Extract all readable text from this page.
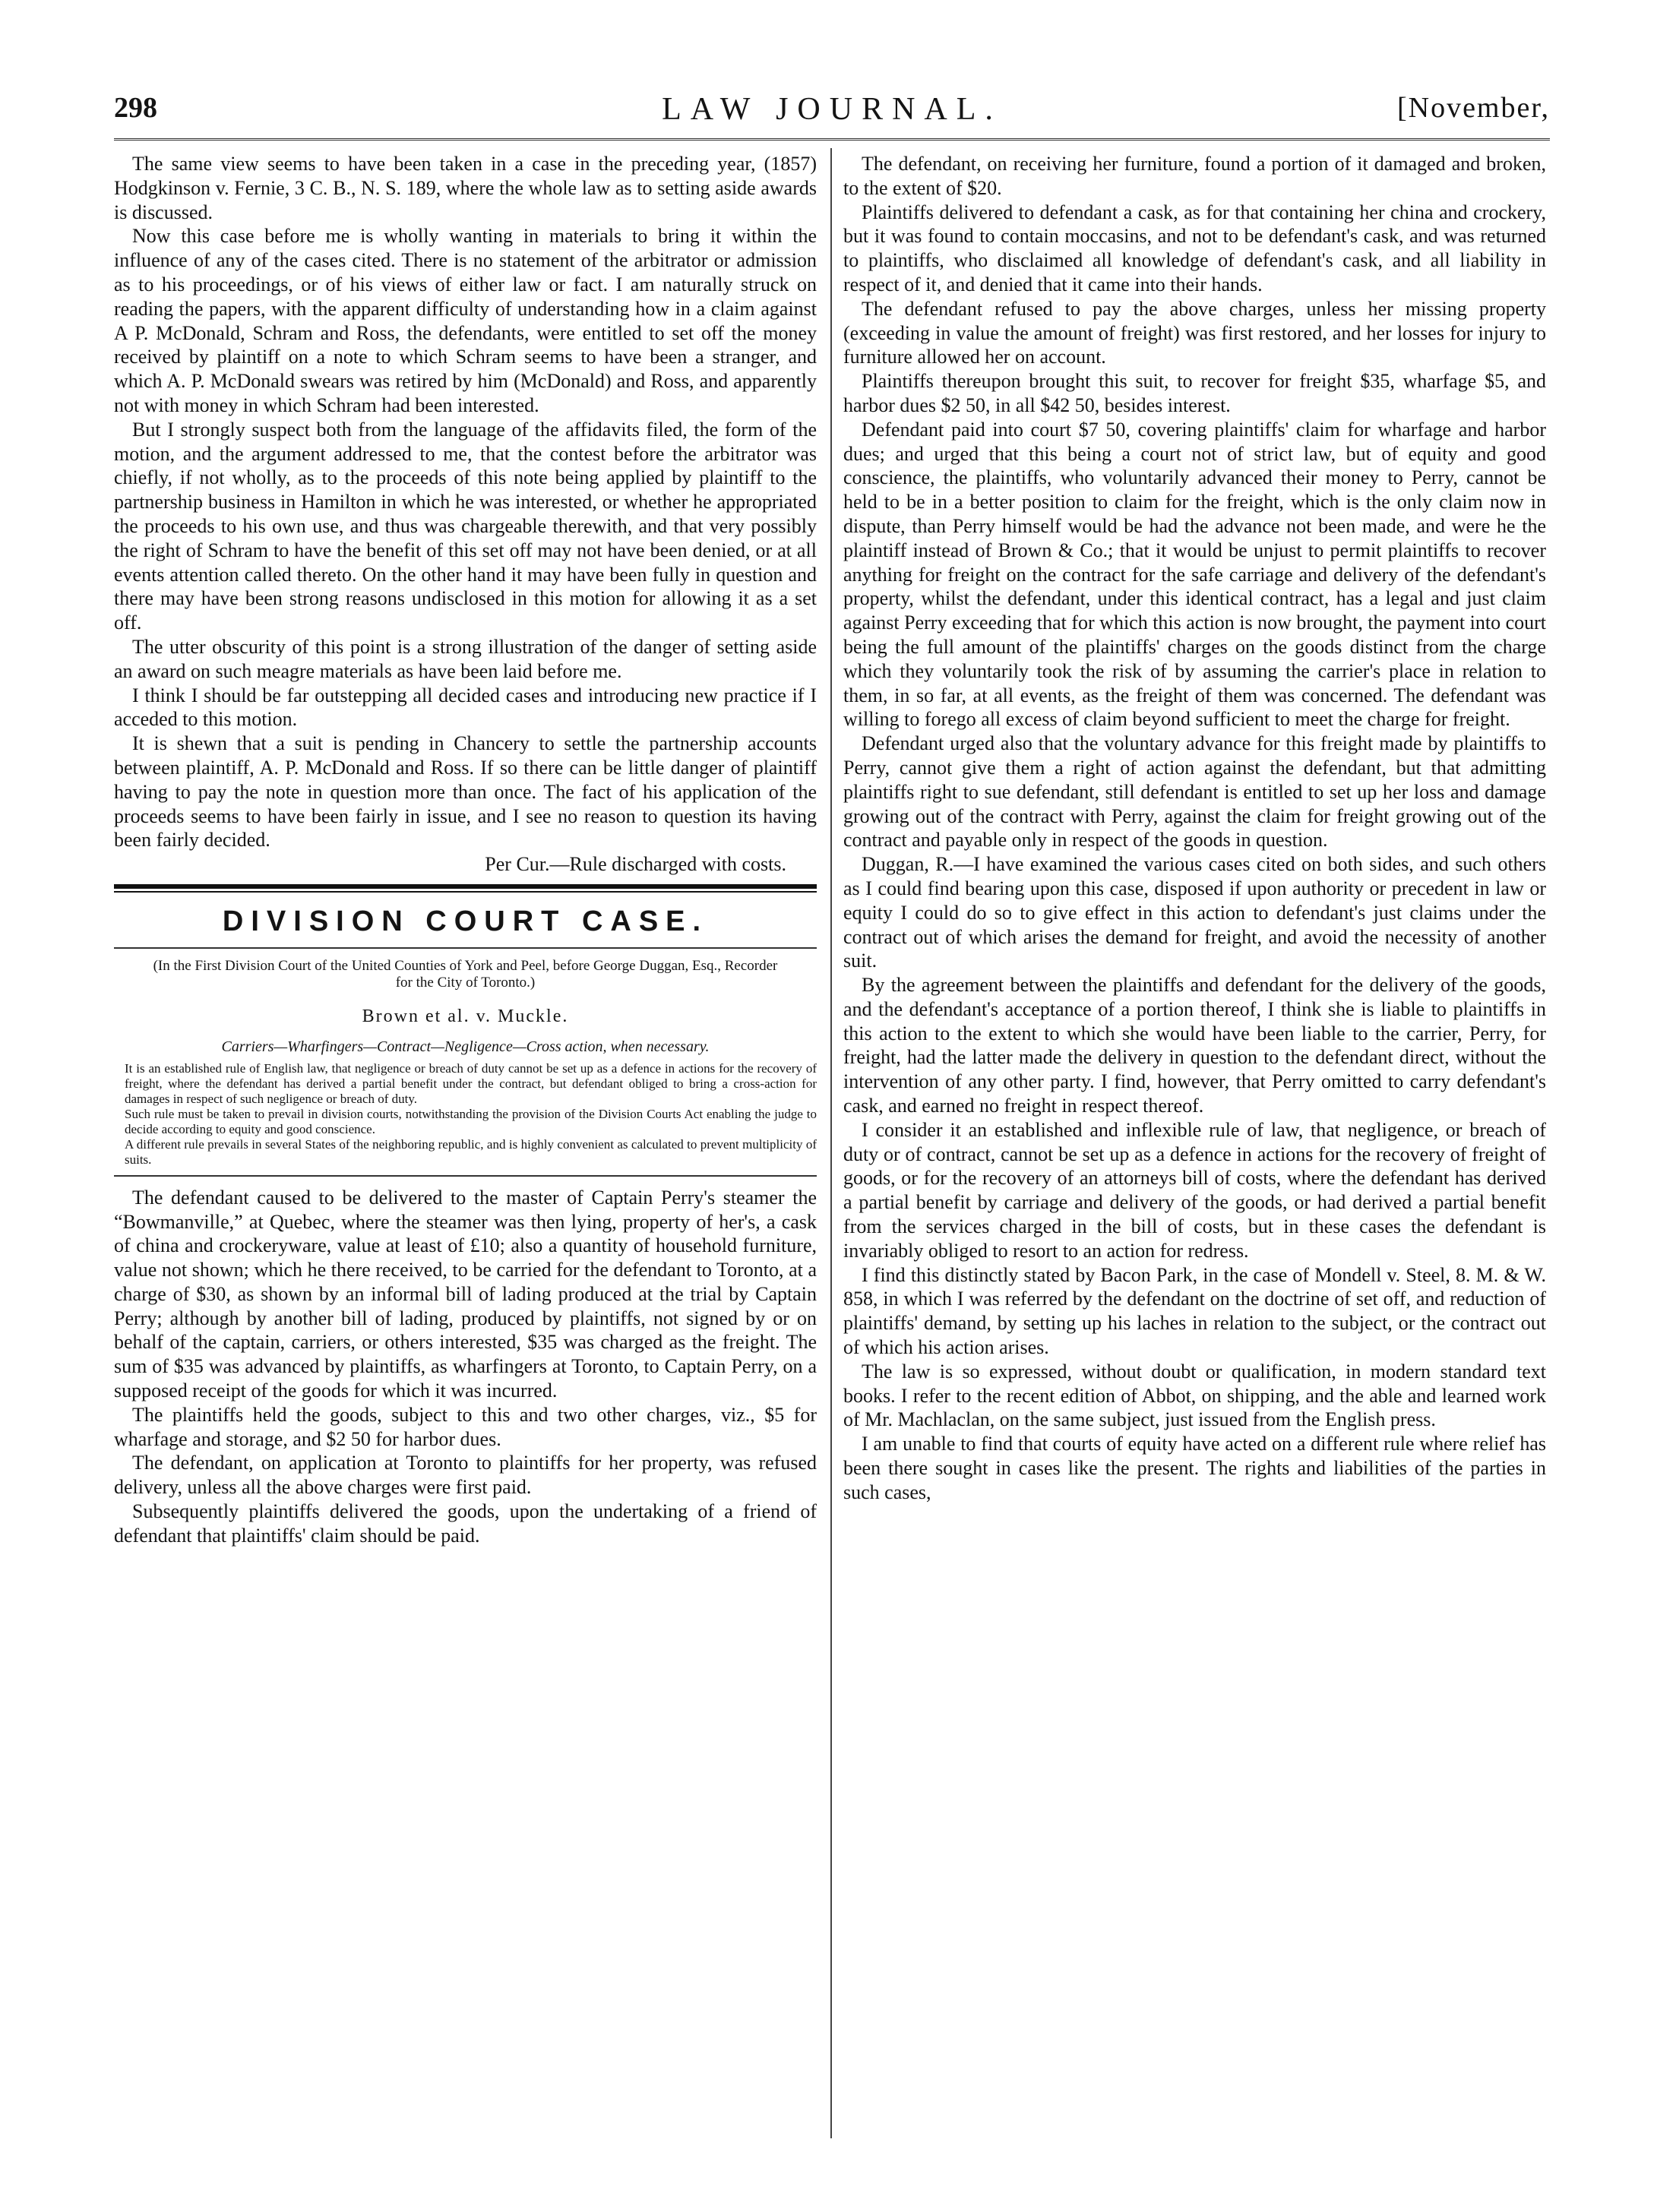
298	LAW JOURNAL.	[November,

The same view seems to have been taken in a case in the preceding year, (1857) Hodgkinson v. Fernie, 3 C. B., N. S. 189, where the whole law as to setting aside awards is discussed.

Now this case before me is wholly wanting in materials to bring it within the influence of any of the cases cited. There is no statement of the arbitrator or admission as to his proceedings, or of his views of either law or fact. I am naturally struck on reading the papers, with the apparent difficulty of understanding how in a claim against A P. McDonald, Schram and Ross, the defendants, were entitled to set off the money received by plaintiff on a note to which Schram seems to have been a stranger, and which A. P. McDonald swears was retired by him (McDonald) and Ross, and apparently not with money in which Schram had been interested.

But I strongly suspect both from the language of the affidavits filed, the form of the motion, and the argument addressed to me, that the contest before the arbitrator was chiefly, if not wholly, as to the proceeds of this note being applied by plaintiff to the partnership business in Hamilton in which he was interested, or whether he appropriated the proceeds to his own use, and thus was chargeable therewith, and that very possibly the right of Schram to have the benefit of this set off may not have been denied, or at all events attention called thereto. On the other hand it may have been fully in question and there may have been strong reasons undisclosed in this motion for allowing it as a set off.

The utter obscurity of this point is a strong illustration of the danger of setting aside an award on such meagre materials as have been laid before me.

I think I should be far outstepping all decided cases and introducing new practice if I acceded to this motion.

It is shewn that a suit is pending in Chancery to settle the partnership accounts between plaintiff, A. P. McDonald and Ross. If so there can be little danger of plaintiff having to pay the note in question more than once. The fact of his application of the proceeds seems to have been fairly in issue, and I see no reason to question its having been fairly decided.

Per Cur.—Rule discharged with costs.

DIVISION COURT CASE.
(In the First Division Court of the United Counties of York and Peel, before George Duggan, Esq., Recorder for the City of Toronto.)
Brown et al. v. Muckle.
Carriers—Wharfingers—Contract—Negligence—Cross action, when necessary.

It is an established rule of English law, that negligence or breach of duty cannot be set up as a defence in actions for the recovery of freight, where the defendant has derived a partial benefit under the contract, but defendant obliged to bring a cross-action for damages in respect of such negligence or breach of duty.

Such rule must be taken to prevail in division courts, notwithstanding the provision of the Division Courts Act enabling the judge to decide according to equity and good conscience.

A different rule prevails in several States of the neighboring republic, and is highly convenient as calculated to prevent multiplicity of suits.

The defendant caused to be delivered to the master of Captain Perry's steamer the “Bowmanville,” at Quebec, where the steamer was then lying, property of her's, a cask of china and crockeryware, value at least of £10; also a quantity of household furniture, value not shown; which he there received, to be carried for the defendant to Toronto, at a charge of $30, as shown by an informal bill of lading produced at the trial by Captain Perry; although by another bill of lading, produced by plaintiffs, not signed by or on behalf of the captain, carriers, or others interested, $35 was charged as the freight. The sum of $35 was advanced by plaintiffs, as wharfingers at Toronto, to Captain Perry, on a supposed receipt of the goods for which it was incurred.

The plaintiffs held the goods, subject to this and two other charges, viz., $5 for wharfage and storage, and $2 50 for harbor dues.

The defendant, on application at Toronto to plaintiffs for her property, was refused delivery, unless all the above charges were first paid.

Subsequently plaintiffs delivered the goods, upon the undertaking of a friend of defendant that plaintiffs' claim should be paid.

The defendant, on receiving her furniture, found a portion of it damaged and broken, to the extent of $20.

Plaintiffs delivered to defendant a cask, as for that containing her china and crockery, but it was found to contain moccasins, and not to be defendant's cask, and was returned to plaintiffs, who disclaimed all knowledge of defendant's cask, and all liability in respect of it, and denied that it came into their hands.

The defendant refused to pay the above charges, unless her missing property (exceeding in value the amount of freight) was first restored, and her losses for injury to furniture allowed her on account.

Plaintiffs thereupon brought this suit, to recover for freight $35, wharfage $5, and harbor dues $2 50, in all $42 50, besides interest.

Defendant paid into court $7 50, covering plaintiffs' claim for wharfage and harbor dues; and urged that this being a court not of strict law, but of equity and good conscience, the plaintiffs, who voluntarily advanced their money to Perry, cannot be held to be in a better position to claim for the freight, which is the only claim now in dispute, than Perry himself would be had the advance not been made, and were he the plaintiff instead of Brown & Co.; that it would be unjust to permit plaintiffs to recover anything for freight on the contract for the safe carriage and delivery of the defendant's property, whilst the defendant, under this identical contract, has a legal and just claim against Perry exceeding that for which this action is now brought, the payment into court being the full amount of the plaintiffs' charges on the goods distinct from the charge which they voluntarily took the risk of by assuming the carrier's place in relation to them, in so far, at all events, as the freight of them was concerned. The defendant was willing to forego all excess of claim beyond sufficient to meet the charge for freight.

Defendant urged also that the voluntary advance for this freight made by plaintiffs to Perry, cannot give them a right of action against the defendant, but that admitting plaintiffs right to sue defendant, still defendant is entitled to set up her loss and damage growing out of the contract with Perry, against the claim for freight growing out of the contract and payable only in respect of the goods in question.

Duggan, R.—I have examined the various cases cited on both sides, and such others as I could find bearing upon this case, disposed if upon authority or precedent in law or equity I could do so to give effect in this action to defendant's just claims under the contract out of which arises the demand for freight, and avoid the necessity of another suit.

By the agreement between the plaintiffs and defendant for the delivery of the goods, and the defendant's acceptance of a portion thereof, I think she is liable to plaintiffs in this action to the extent to which she would have been liable to the carrier, Perry, for freight, had the latter made the delivery in question to the defendant direct, without the intervention of any other party. I find, however, that Perry omitted to carry defendant's cask, and earned no freight in respect thereof.

I consider it an established and inflexible rule of law, that negligence, or breach of duty or of contract, cannot be set up as a defence in actions for the recovery of freight of goods, or for the recovery of an attorneys bill of costs, where the defendant has derived a partial benefit by carriage and delivery of the goods, or had derived a partial benefit from the services charged in the bill of costs, but in these cases the defendant is invariably obliged to resort to an action for redress.

I find this distinctly stated by Bacon Park, in the case of Mondell v. Steel, 8. M. & W. 858, in which I was referred by the defendant on the doctrine of set off, and reduction of plaintiffs' demand, by setting up his laches in relation to the subject, or the contract out of which his action arises.

The law is so expressed, without doubt or qualification, in modern standard text books. I refer to the recent edition of Abbot, on shipping, and the able and learned work of Mr. Machlaclan, on the same subject, just issued from the English press.

I am unable to find that courts of equity have acted on a different rule where relief has been there sought in cases like the present. The rights and liabilities of the parties in such cases,
